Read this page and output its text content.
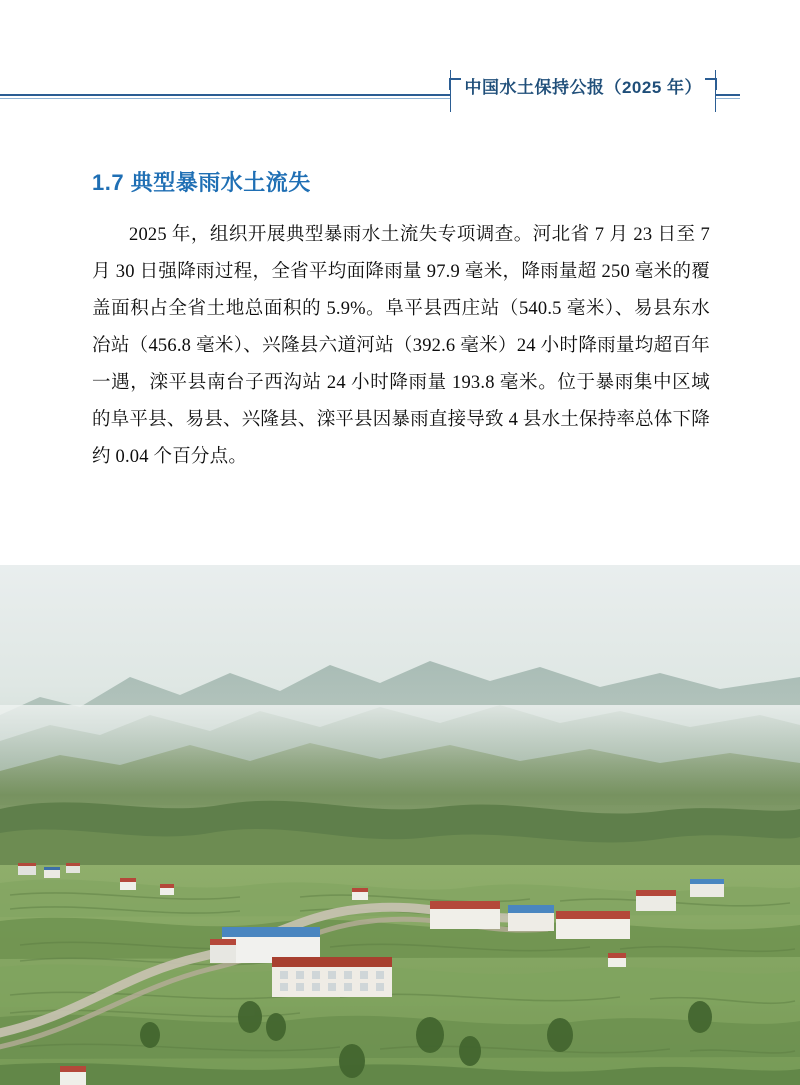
中国水土保持公报（2025 年）
1.7 典型暴雨水土流失

2025 年，组织开展典型暴雨水土流失专项调查。河北省 7 月 23 日至 7 月 30 日强降雨过程，全省平均面降雨量 97.9 毫米，降雨量超 250 毫米的覆盖面积占全省土地总面积的 5.9%。阜平县西庄站（540.5 毫米）、易县东水冶站（456.8 毫米）、兴隆县六道河站（392.6 毫米）24 小时降雨量均超百年一遇，滦平县南台子西沟站 24 小时降雨量 193.8 毫米。位于暴雨集中区域的阜平县、易县、兴隆县、滦平县因暴雨直接导致 4 县水土保持率总体下降约 0.04 个百分点。
